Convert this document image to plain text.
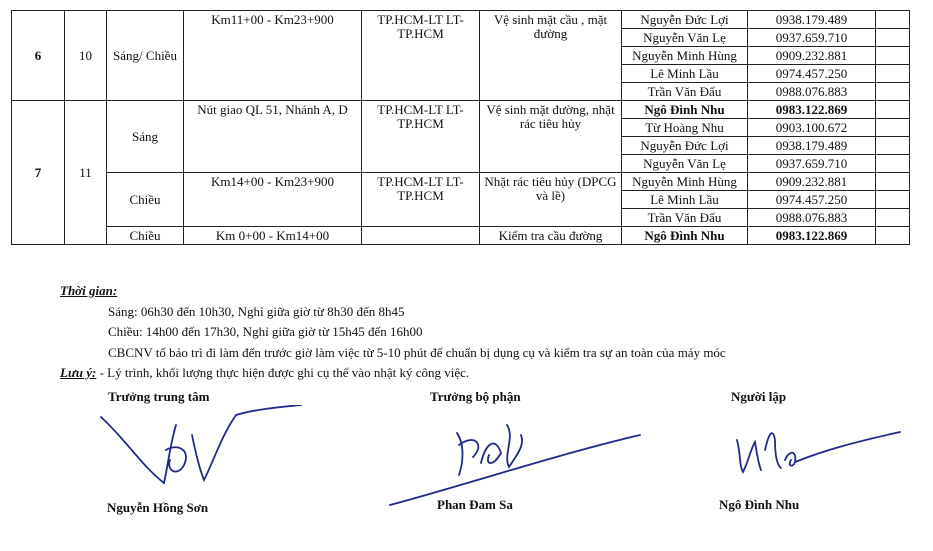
6	10	Sáng/ Chiều	Km11+00 - Km23+900	TP.HCM-LT LT-TP.HCM	Vệ sinh mặt cầu , mặt đường	Nguyễn Đức Lợi	0938.179.489	
						Nguyễn Văn Lẹ	0937.659.710	
						Nguyễn Minh Hùng	0909.232.881	
						Lê Minh Lầu	0974.457.250	
						Trần Văn Đẩu	0988.076.883	
7	11	Sáng	Nút giao QL 51, Nhánh A, D	TP.HCM-LT LT-TP.HCM	Vệ sinh mặt đường, nhặt rác tiêu hủy	Ngô Đình Nhu	0983.122.869	
						Từ Hoàng Nhu	0903.100.672	
						Nguyễn Đức Lợi	0938.179.489	
						Nguyễn Văn Lẹ	0937.659.710	
		Chiều	Km14+00 - Km23+900	TP.HCM-LT LT-TP.HCM	Nhặt rác tiêu hủy (DPCG và lề)	Nguyễn Minh Hùng	0909.232.881	
						Lê Minh Lầu	0974.457.250	
						Trần Văn Đẩu	0988.076.883	
		Chiều	Km 0+00 - Km14+00		Kiểm tra cầu đường	Ngô Đình Nhu	0983.122.869	
Thời gian:
Sáng: 06h30 đến 10h30, Nghỉ giữa giờ từ 8h30 đến 8h45
Chiều: 14h00 đến 17h30, Nghỉ giữa giờ từ 15h45 đến 16h00
CBCNV tổ bảo trì đi làm đến trước giờ làm việc từ 5-10 phút để chuẩn bị dụng cụ và kiểm tra sự an toàn của máy móc
Lưu ý: - Lý trình, khối lượng thực hiện được ghi cụ thể vào nhật ký công việc.
Trưởng trung tâm	Trưởng bộ phận	Người lập
Nguyễn Hồng Sơn	Phan Đam Sa	Ngô Đình Nhu
